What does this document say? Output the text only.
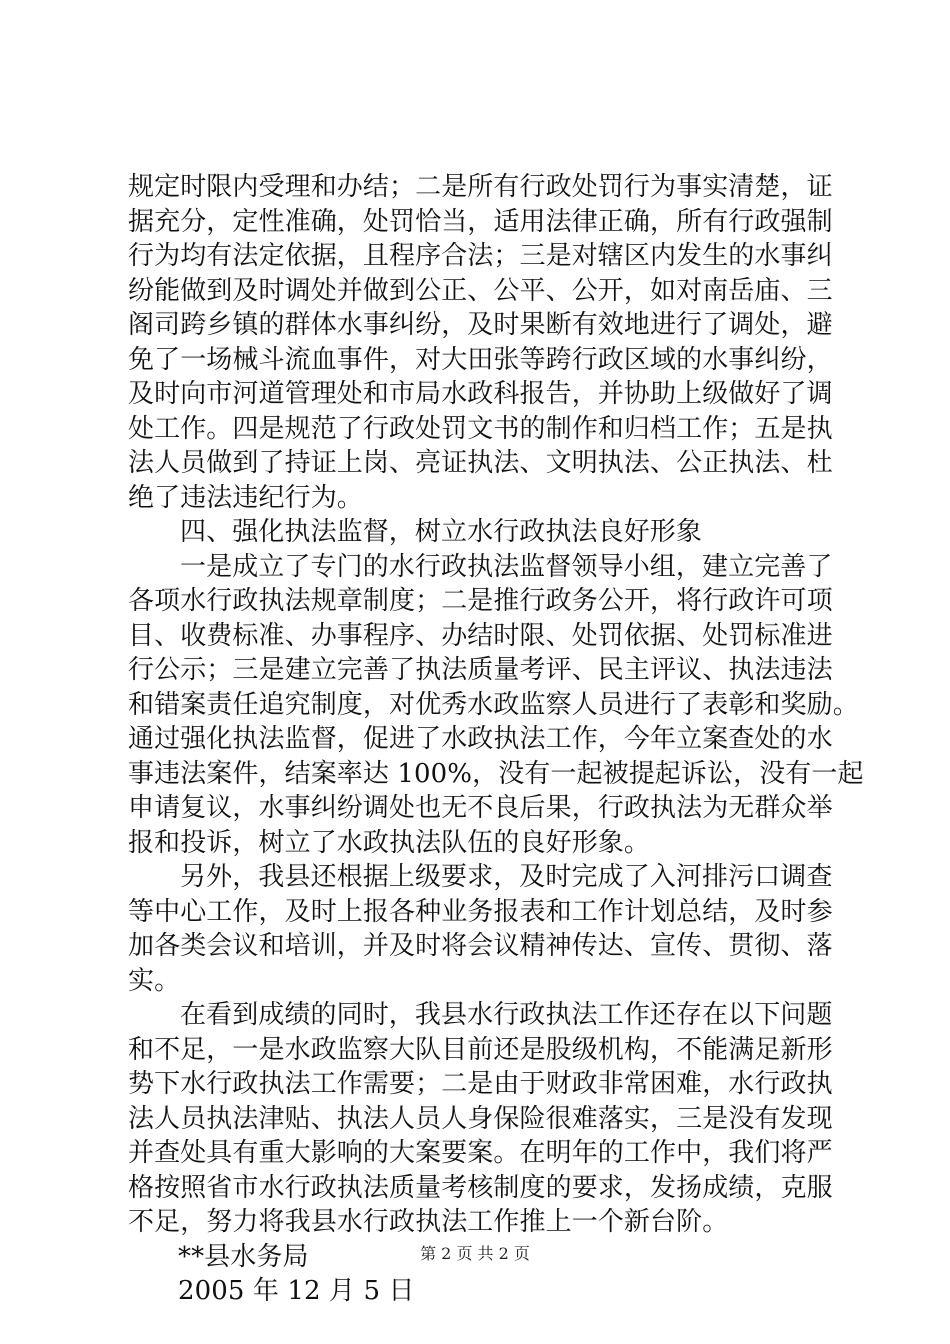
规定时限内受理和办结；二是所有行政处罚行为事实清楚，证
据充分，定性准确，处罚恰当，适用法律正确，所有行政强制
行为均有法定依据，且程序合法；三是对辖区内发生的水事纠
纷能做到及时调处并做到公正、公平、公开，如对南岳庙、三
阁司跨乡镇的群体水事纠纷，及时果断有效地进行了调处，避
免了一场械斗流血事件，对大田张等跨行政区域的水事纠纷，
及时向市河道管理处和市局水政科报告，并协助上级做好了调
处工作。四是规范了行政处罚文书的制作和归档工作；五是执
法人员做到了持证上岗、亮证执法、文明执法、公正执法、杜
绝了违法违纪行为。
四、强化执法监督，树立水行政执法良好形象
一是成立了专门的水行政执法监督领导小组，建立完善了
各项水行政执法规章制度；二是推行政务公开，将行政许可项
目、收费标准、办事程序、办结时限、处罚依据、处罚标准进
行公示；三是建立完善了执法质量考评、民主评议、执法违法
和错案责任追究制度，对优秀水政监察人员进行了表彰和奖励。
通过强化执法监督，促进了水政执法工作，今年立案查处的水
事违法案件，结案率达 100%，没有一起被提起诉讼，没有一起
申请复议，水事纠纷调处也无不良后果，行政执法为无群众举
报和投诉，树立了水政执法队伍的良好形象。
另外，我县还根据上级要求，及时完成了入河排污口调查
等中心工作，及时上报各种业务报表和工作计划总结，及时参
加各类会议和培训，并及时将会议精神传达、宣传、贯彻、落
实。
在看到成绩的同时，我县水行政执法工作还存在以下问题
和不足，一是水政监察大队目前还是股级机构，不能满足新形
势下水行政执法工作需要；二是由于财政非常困难，水行政执
法人员执法津贴、执法人员人身保险很难落实，三是没有发现
并查处具有重大影响的大案要案。在明年的工作中，我们将严
格按照省市水行政执法质量考核制度的要求，发扬成绩，克服
不足，努力将我县水行政执法工作推上一个新台阶。
**县水务局
2005 年 12 月 5 日
第 2 页 共 2 页
